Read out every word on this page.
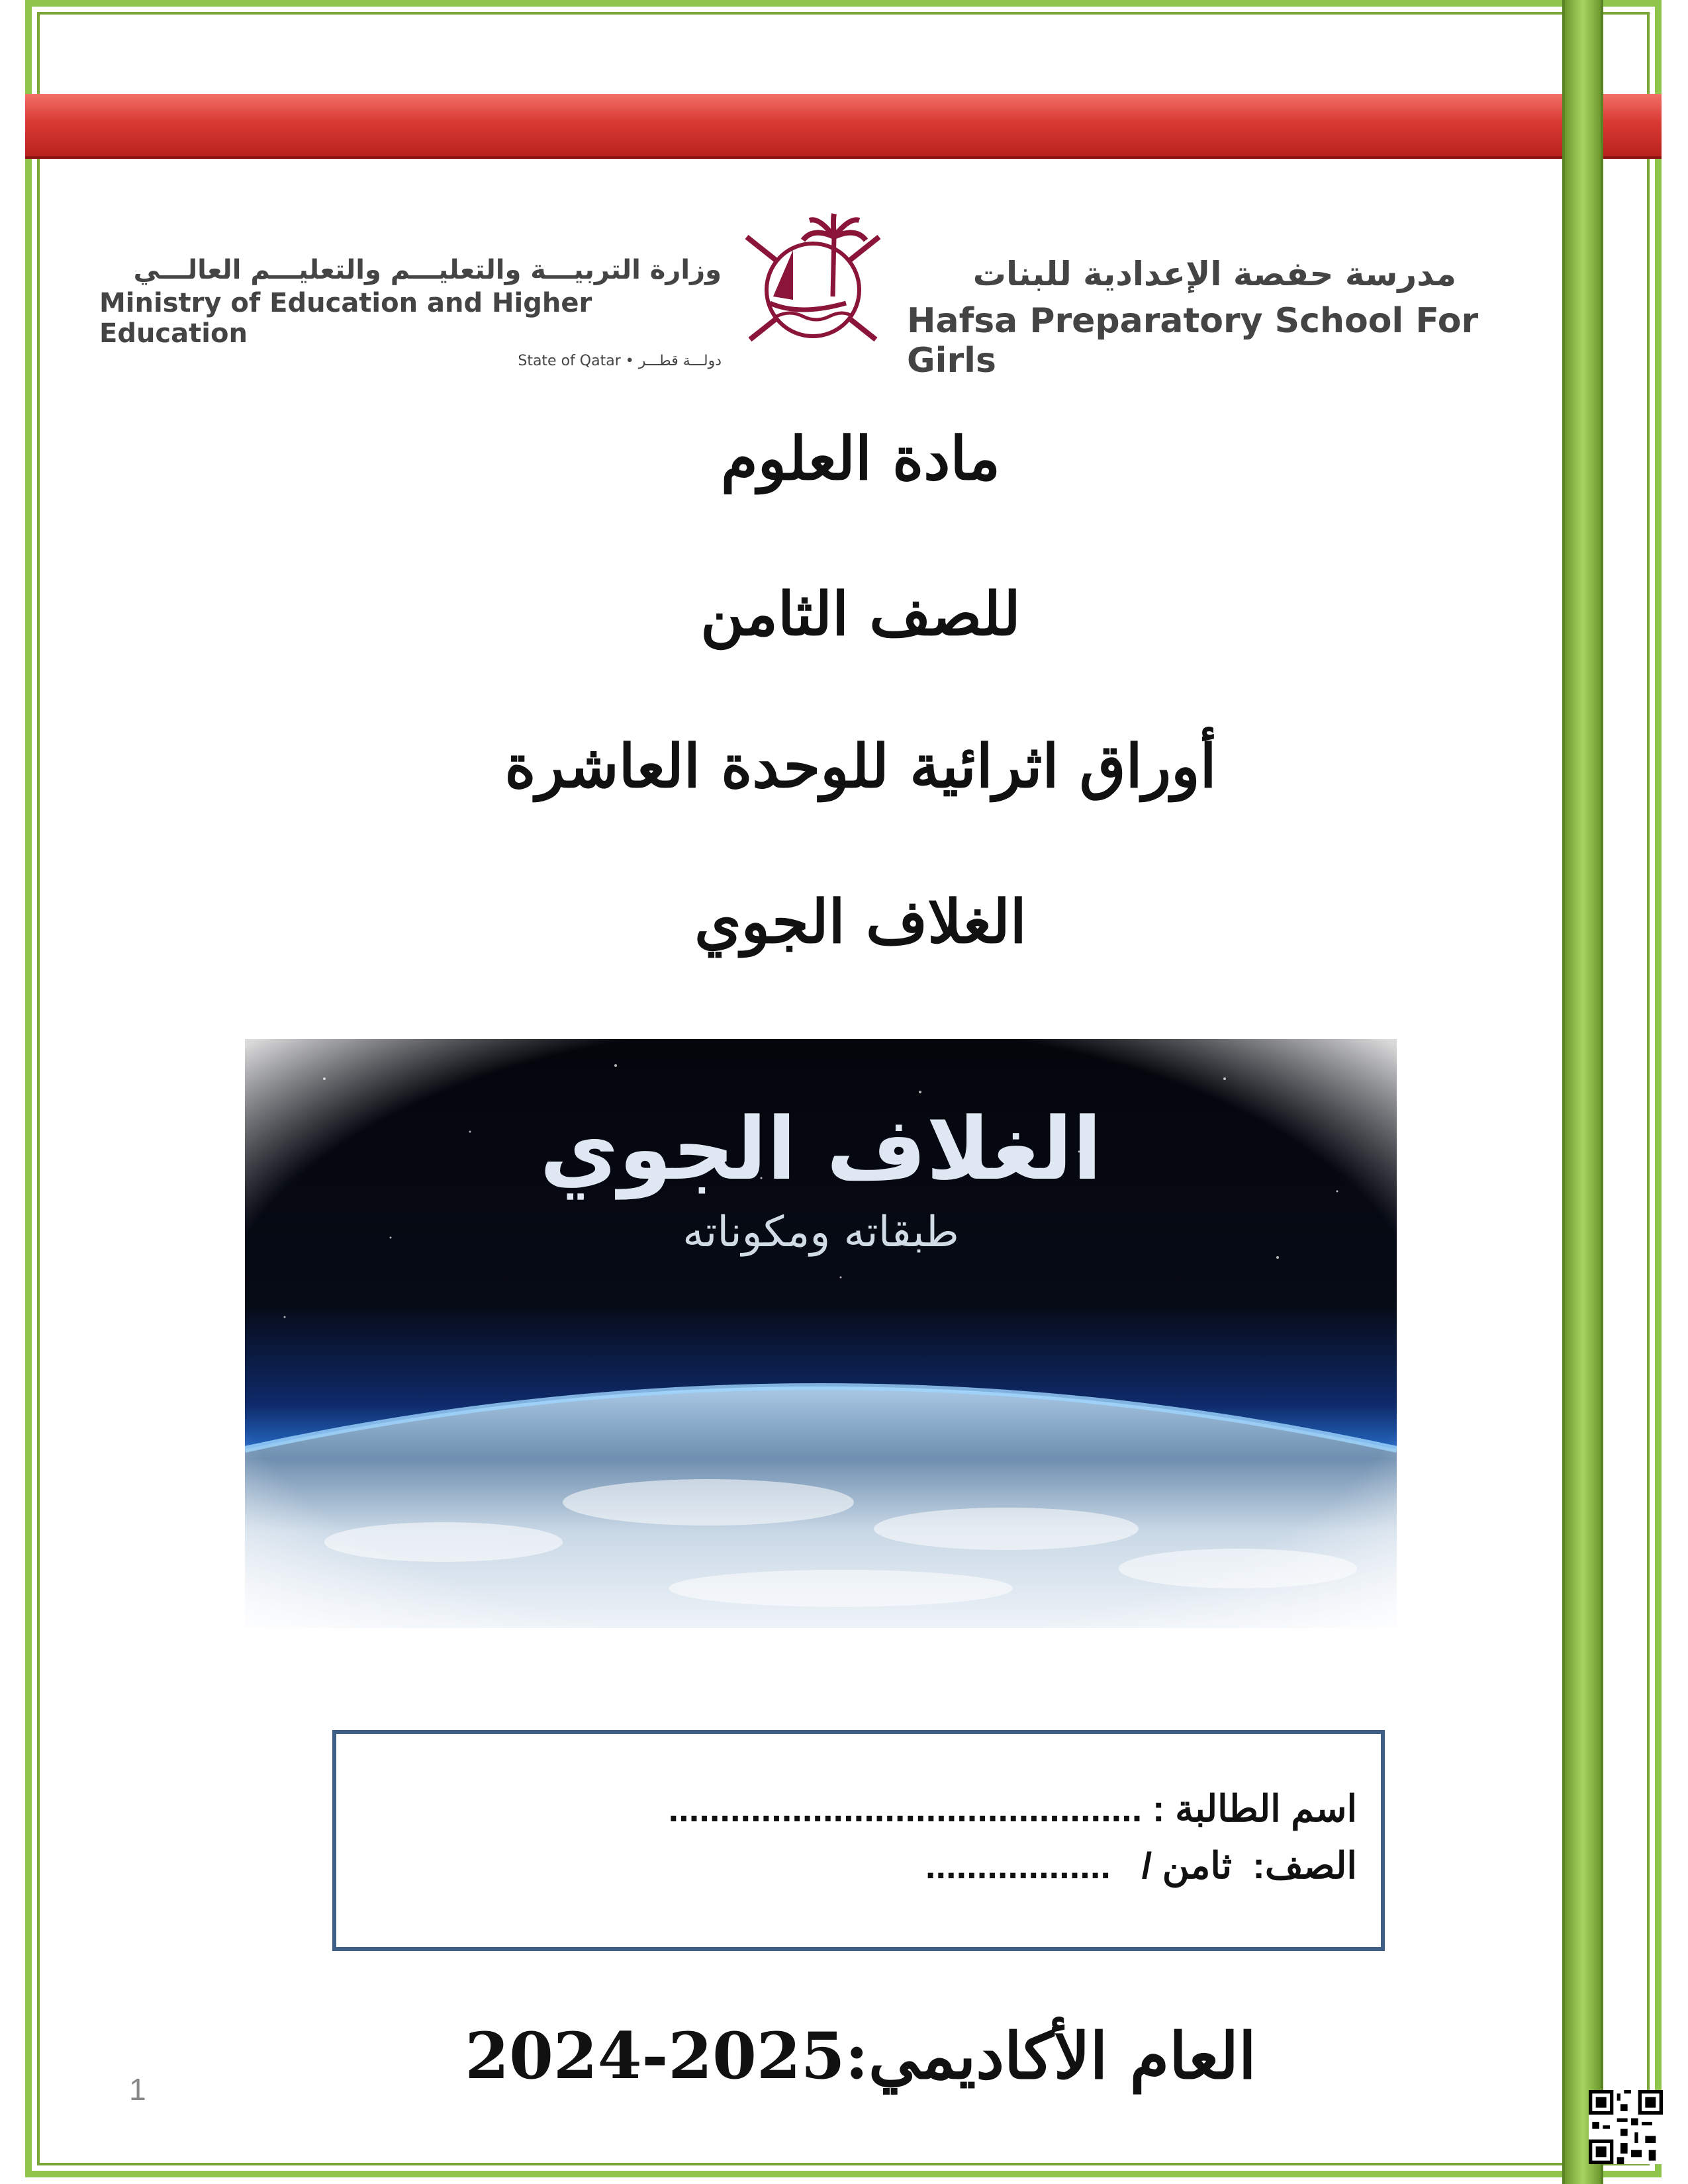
وزارة التربيـــة والتعليـــم والتعليـــم العالـــي
Ministry of Education and Higher Education
State of Qatar • دولـــة قطـــر
مدرسة حفصة الإعدادية للبنات
Hafsa Preparatory School For Girls
مادة العلوم
للصف الثامن
أوراق اثرائية للوحدة العاشرة
الغلاف الجوي
الغلاف الجوي
طبقاته ومكوناته
اسم الطالبة : ..............................................
الصف:  ثامن /   ..................
العام الأكاديمي:2024-2025
1
